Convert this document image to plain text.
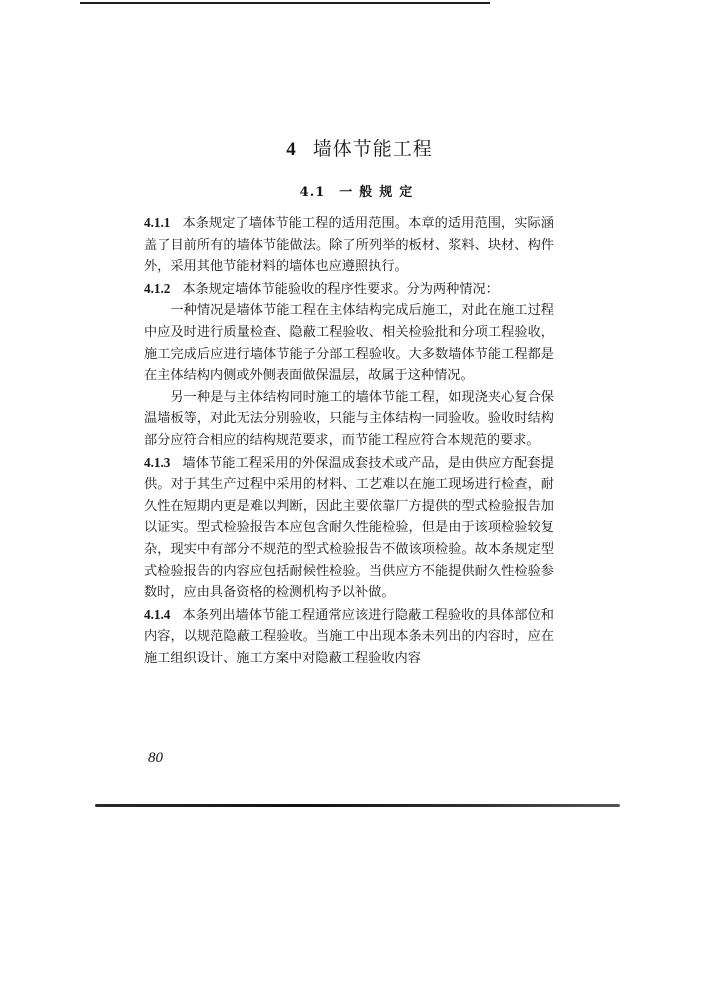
4 墙体节能工程
4.1 一般规定

4.1.1 本条规定了墙体节能工程的适用范围。本章的适用范围，实际涵盖了目前所有的墙体节能做法。除了所列举的板材、浆料、块材、构件外，采用其他节能材料的墙体也应遵照执行。

4.1.2 本条规定墙体节能验收的程序性要求。分为两种情况：

一种情况是墙体节能工程在主体结构完成后施工，对此在施工过程中应及时进行质量检查、隐蔽工程验收、相关检验批和分项工程验收，施工完成后应进行墙体节能子分部工程验收。大多数墙体节能工程都是在主体结构内侧或外侧表面做保温层，故属于这种情况。

另一种是与主体结构同时施工的墙体节能工程，如现浇夹心复合保温墙板等，对此无法分别验收，只能与主体结构一同验收。验收时结构部分应符合相应的结构规范要求，而节能工程应符合本规范的要求。

4.1.3 墙体节能工程采用的外保温成套技术或产品，是由供应方配套提供。对于其生产过程中采用的材料、工艺难以在施工现场进行检查，耐久性在短期内更是难以判断，因此主要依靠厂方提供的型式检验报告加以证实。型式检验报告本应包含耐久性能检验，但是由于该项检验较复杂，现实中有部分不规范的型式检验报告不做该项检验。故本条规定型式检验报告的内容应包括耐候性检验。当供应方不能提供耐久性检验参数时，应由具备资格的检测机构予以补做。

4.1.4 本条列出墙体节能工程通常应该进行隐蔽工程验收的具体部位和内容，以规范隐蔽工程验收。当施工中出现本条未列出的内容时，应在施工组织设计、施工方案中对隐蔽工程验收内容

80
